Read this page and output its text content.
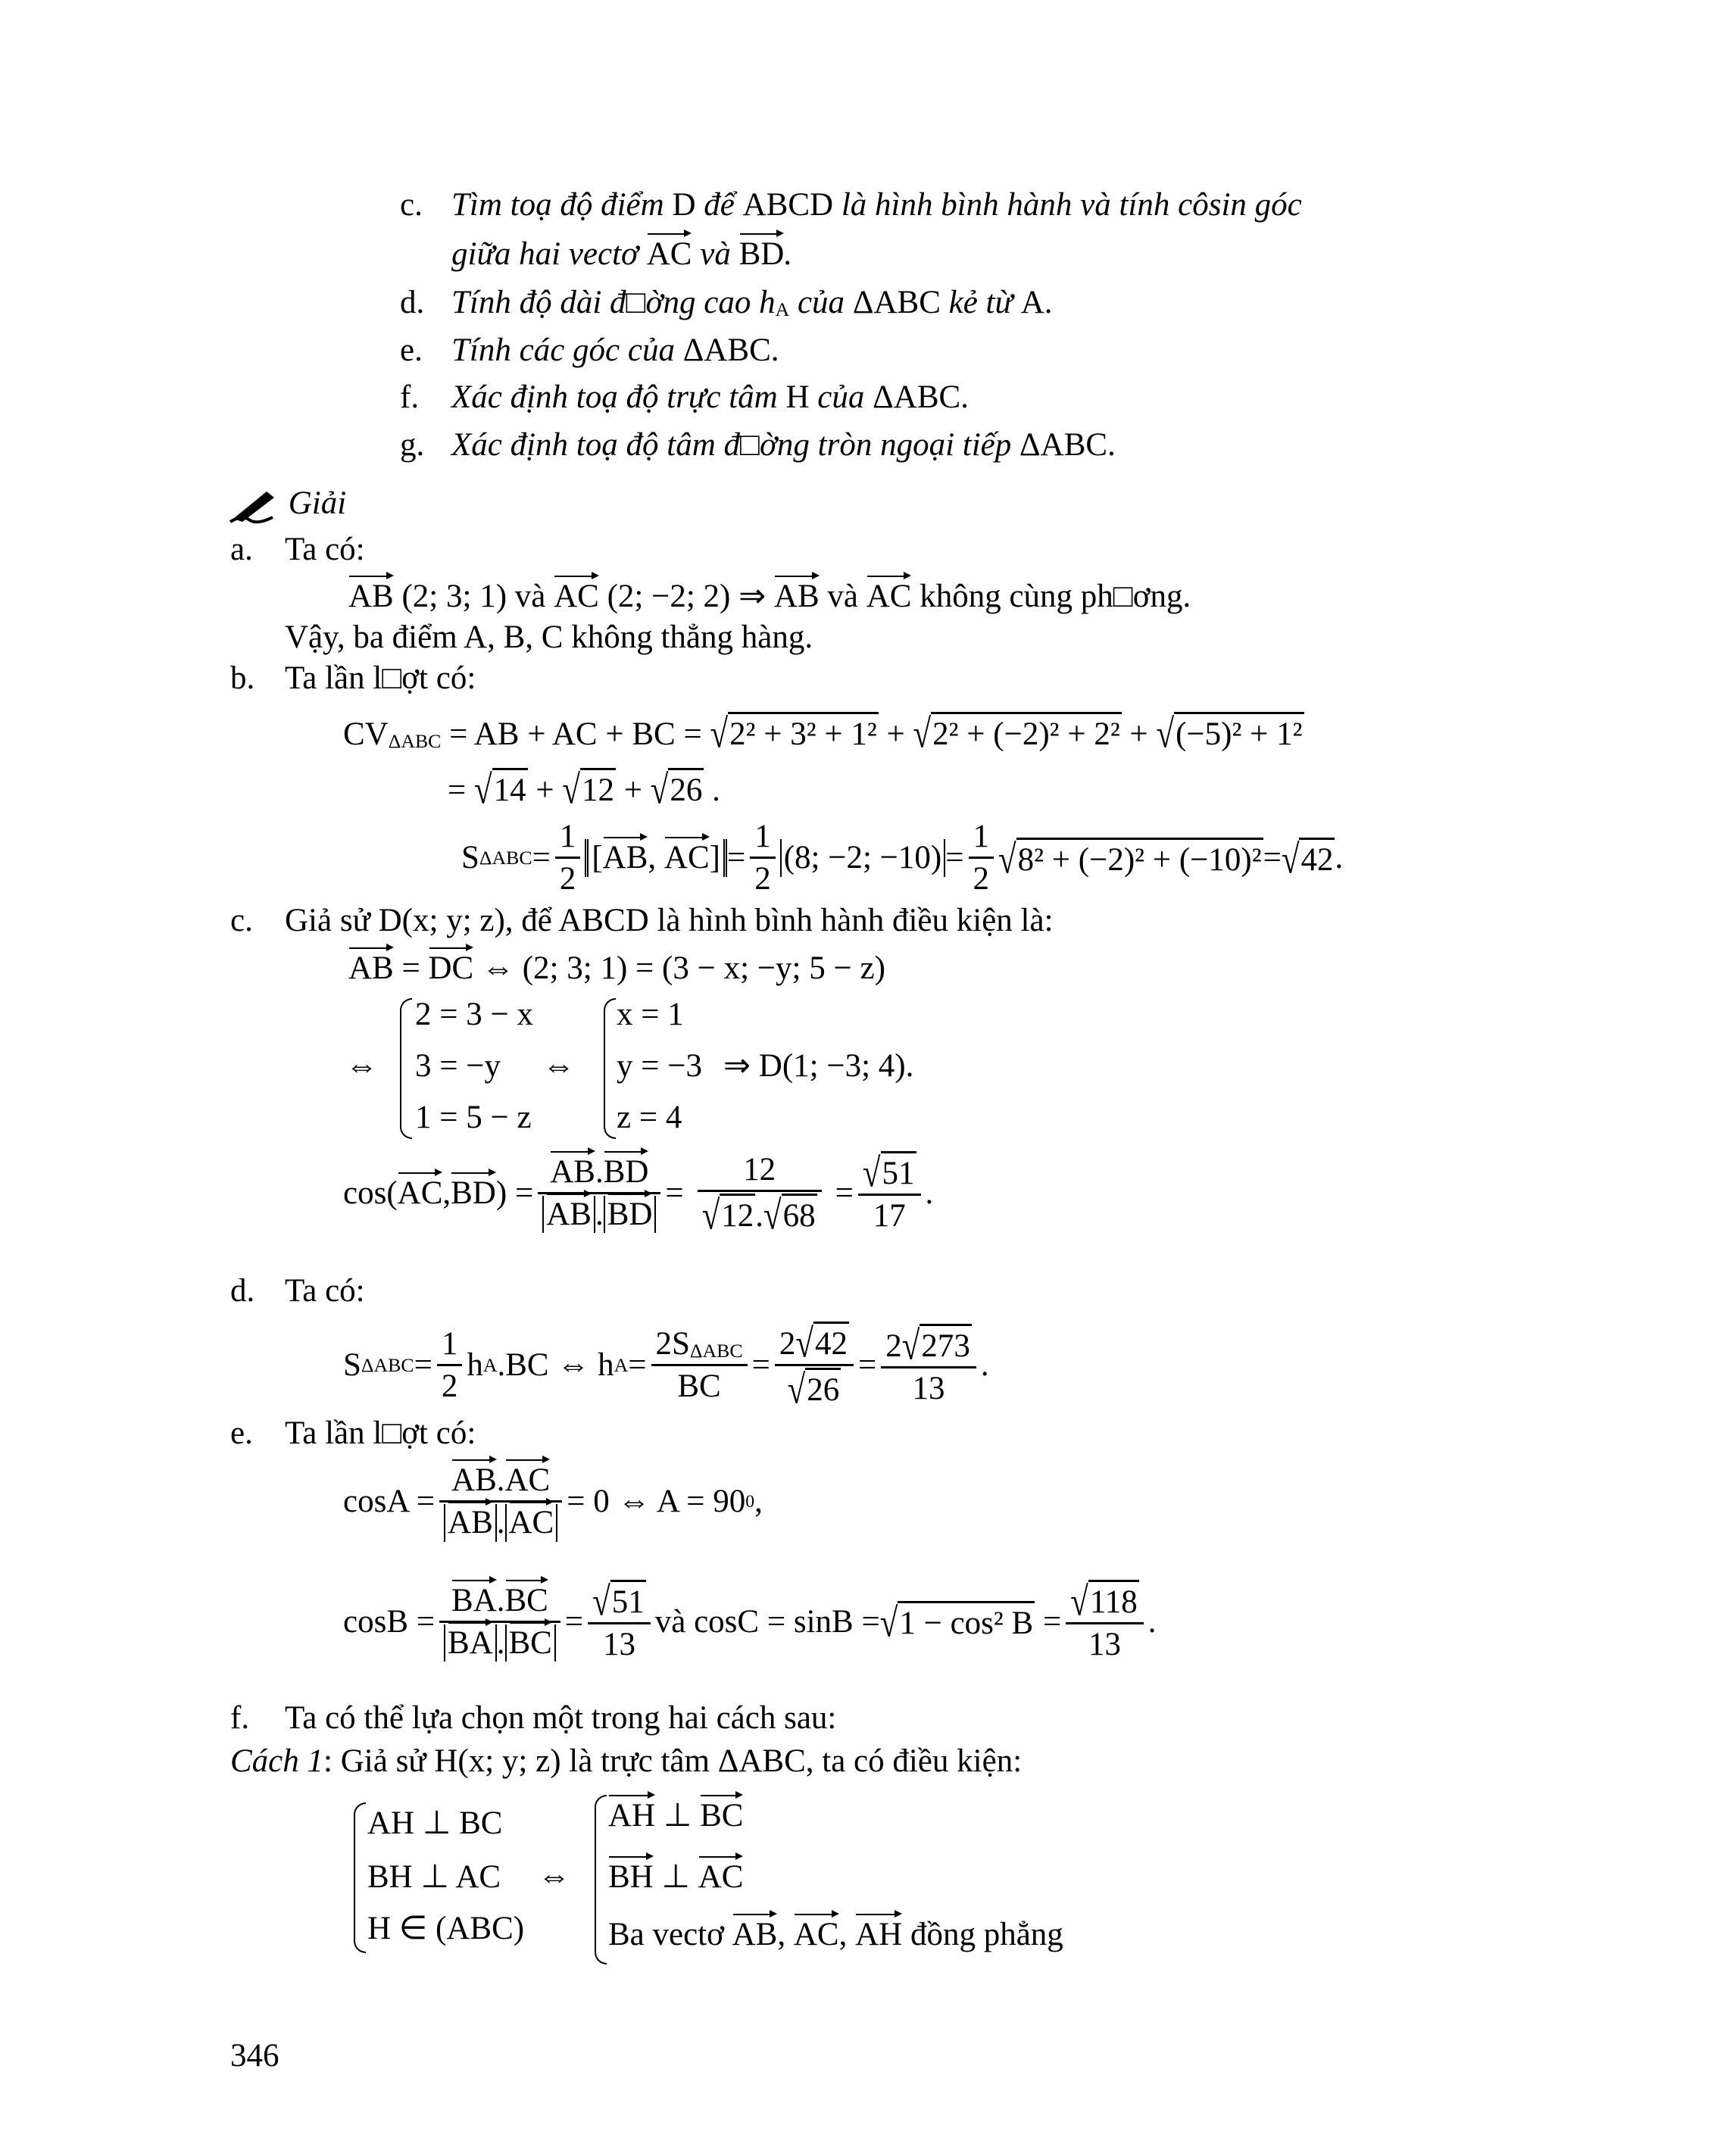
c. Tìm toạ độ điểm D để ABCD là hình bình hành và tính côsin góc
giữa hai vectơ AC và BD.
d. Tính độ dài đ□ờng cao $h_A$ của ΔABC kẻ từ A.
e. Tính các góc của ΔABC.
f. Xác định toạ độ trực tâm H của ΔABC.
g. Xác định toạ độ tâm đ□ờng tròn ngoại tiếp ΔABC.
Giải
a. Ta có:
AB (2; 3; 1) và AC (2; −2; 2) ⇒ AB và AC không cùng ph□ơng.
Vậy, ba điểm A, B, C không thẳng hàng.
b. Ta lần l□ợt có:
$CV_{\Delta ABC}$ = AB + AC + BC = √2² + 3² + 1² + √2² + (−2)² + 2² + √(−5)² + 1²
= √14 + √12 + √26 .
S $\Delta ABC = \frac{1}{2} [AB$, $AC] = \frac{1}{2} (8$; −2; $-10) = \frac{1}{2} √8^2 + (-2)^2 + (-10)^2 = √42$ .
c. Giả sử D(x; y; z), để ABCD là hình bình hành điều kiện là:
AB = DC ⇔ (2; 3; 1) = (3 − x; −y; 5 − z)
⇔
2 = 3 − x
3 = −y
1 = 5 − z
⇔
x = 1
y = −3
z = 4
⇒ D(1; −3; 4).
cos( AC , BD ) = $\frac{AB.BD}{AB . BD} = \frac{12}{√12.√68} = \frac{√51}{17}$ .
d. Ta có:
S $\Delta ABC = \frac{1}{2}$ h A .BC ⇔ h $A = \frac{2S_{\Delta ABC}}{BC} = \frac{2√42}{√26} = \frac{2√273}{13}$ .
e. Ta lần l□ợt có:
$\cos A = \frac{AB.AC}{AB . AC} = 0$ ⇔ A = 90 0 ,
$\cos B = \frac{BA.BC}{BA . BC} = \frac{√51}{13}$ và cosC = sinB = √1 − cos² $B = \frac{√118}{13}$ .
f. Ta có thể lựa chọn một trong hai cách sau:
Cách 1: Giả sử H(x; y; z) là trực tâm ΔABC, ta có điều kiện:
AH ⊥ BC
BH ⊥ AC
H ∈ (ABC)
⇔
AH ⊥ BC
BH ⊥ AC
Ba vectơ AB, AC, AH đồng phẳng
346
